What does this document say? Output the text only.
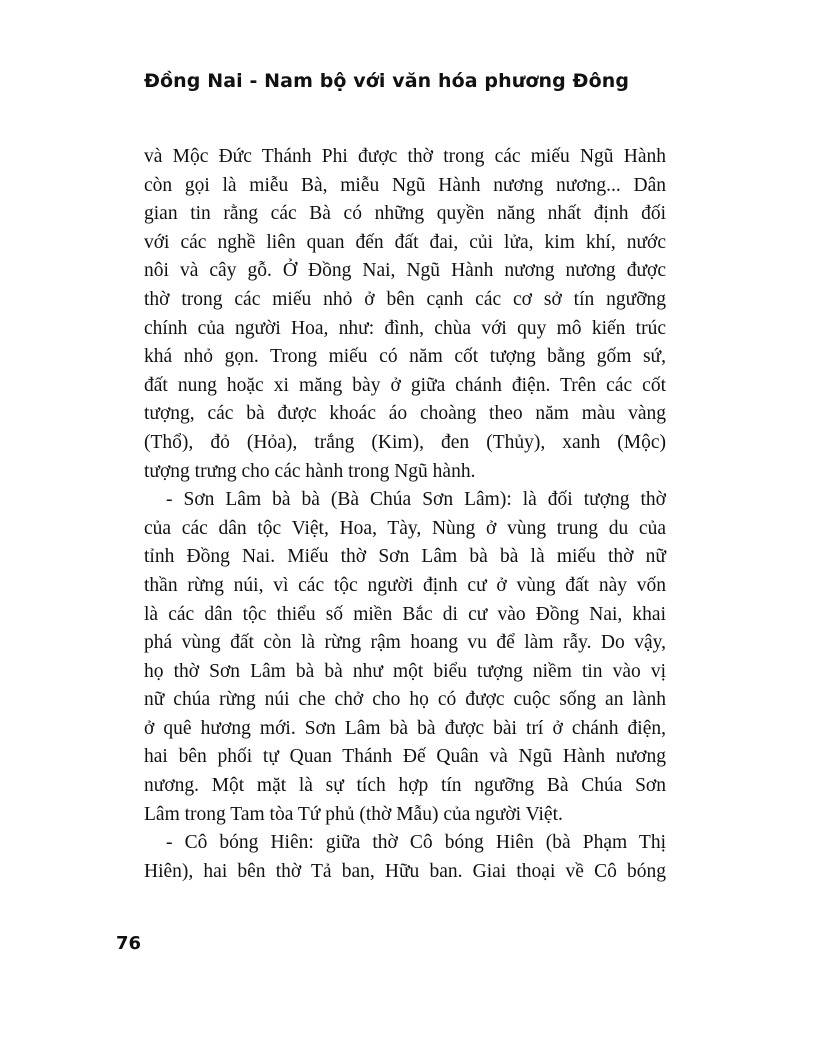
Đồng Nai - Nam bộ với văn hóa phương Đông
và Mộc Đức Thánh Phi được thờ trong các miếu Ngũ Hành
còn gọi là miễu Bà, miễu Ngũ Hành nương nương... Dân
gian tin rằng các Bà có những quyền năng nhất định đối
với các nghề liên quan đến đất đai, củi lửa, kim khí, nước
nôi và cây gỗ. Ở Đồng Nai, Ngũ Hành nương nương được
thờ trong các miếu nhỏ ở bên cạnh các cơ sở tín ngưỡng
chính của người Hoa, như: đình, chùa với quy mô kiến trúc
khá nhỏ gọn. Trong miếu có năm cốt tượng bằng gốm sứ,
đất nung hoặc xi măng bày ở giữa chánh điện. Trên các cốt
tượng, các bà được khoác áo choàng theo năm màu vàng
(Thổ), đỏ (Hỏa), trắng (Kim), đen (Thủy), xanh (Mộc)
tượng trưng cho các hành trong Ngũ hành.
- Sơn Lâm bà bà (Bà Chúa Sơn Lâm): là đối tượng thờ
của các dân tộc Việt, Hoa, Tày, Nùng ở vùng trung du của
tỉnh Đồng Nai. Miếu thờ Sơn Lâm bà bà là miếu thờ nữ
thần rừng núi, vì các tộc người định cư ở vùng đất này vốn
là các dân tộc thiểu số miền Bắc di cư vào Đồng Nai, khai
phá vùng đất còn là rừng rậm hoang vu để làm rẫy. Do vậy,
họ thờ Sơn Lâm bà bà như một biểu tượng niềm tin vào vị
nữ chúa rừng núi che chở cho họ có được cuộc sống an lành
ở quê hương mới. Sơn Lâm bà bà được bài trí ở chánh điện,
hai bên phối tự Quan Thánh Đế Quân và Ngũ Hành nương
nương. Một mặt là sự tích hợp tín ngưỡng Bà Chúa Sơn
Lâm trong Tam tòa Tứ phủ (thờ Mẫu) của người Việt.
- Cô bóng Hiên: giữa thờ Cô bóng Hiên (bà Phạm Thị
Hiên), hai bên thờ Tả ban, Hữu ban. Giai thoại về Cô bóng
76
